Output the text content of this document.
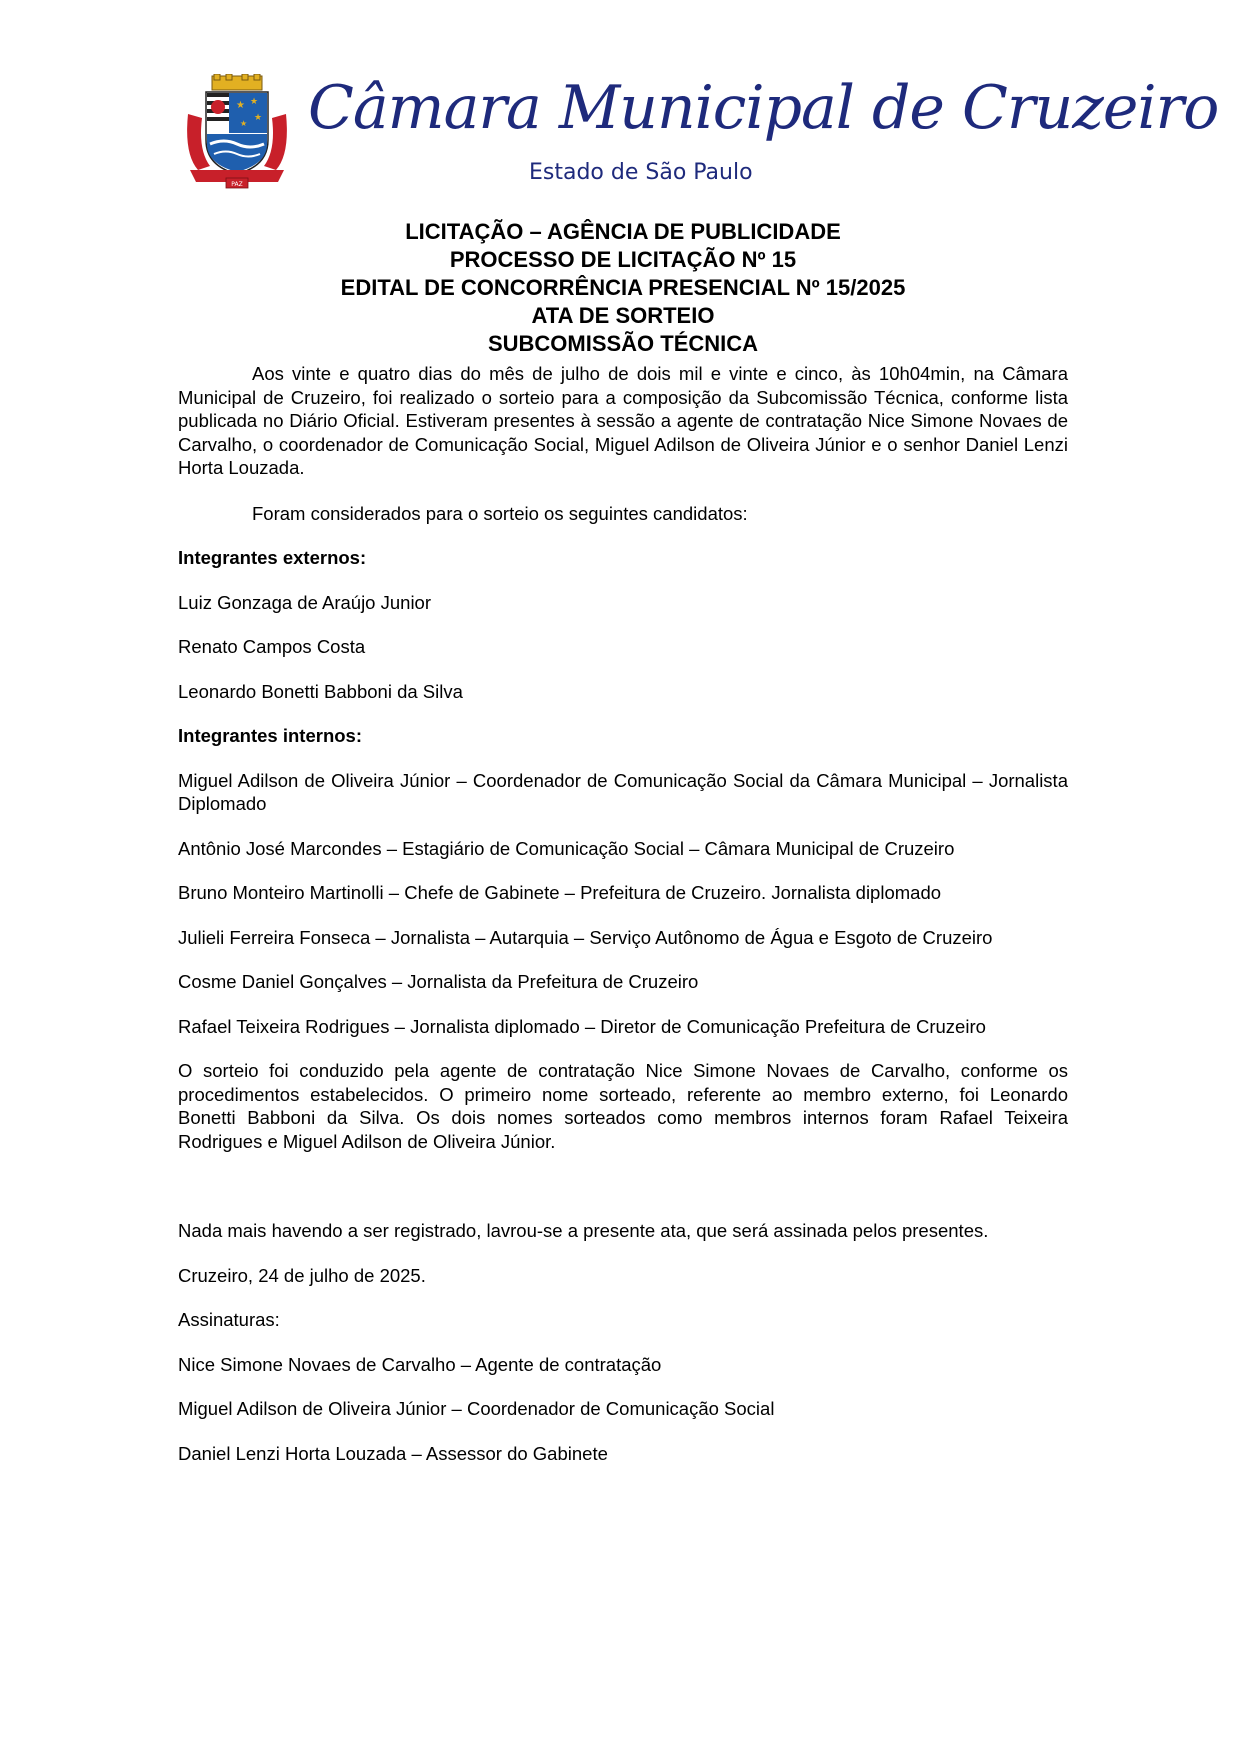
★ ★
★
★
PAZ
Câmara Municipal de Cruzeiro
Estado de São Paulo
LICITAÇÃO – AGÊNCIA DE PUBLICIDADE
PROCESSO DE LICITAÇÃO Nº 15
EDITAL DE CONCORRÊNCIA PRESENCIAL Nº 15/2025
ATA DE SORTEIO
SUBCOMISSÃO TÉCNICA

Aos vinte e quatro dias do mês de julho de dois mil e vinte e cinco, às 10h04min, na Câmara Municipal de Cruzeiro, foi realizado o sorteio para a composição da Subcomissão Técnica, conforme lista publicada no Diário Oficial. Estiveram presentes à sessão a agente de contratação Nice Simone Novaes de Carvalho, o coordenador de Comunicação Social, Miguel Adilson de Oliveira Júnior e o senhor Daniel Lenzi Horta Louzada.

Foram considerados para o sorteio os seguintes candidatos:

Integrantes externos:

Luiz Gonzaga de Araújo Junior

Renato Campos Costa

Leonardo Bonetti Babboni da Silva

Integrantes internos:

Miguel Adilson de Oliveira Júnior – Coordenador de Comunicação Social da Câmara Municipal – Jornalista Diplomado

Antônio José Marcondes – Estagiário de Comunicação Social – Câmara Municipal de Cruzeiro

Bruno Monteiro Martinolli – Chefe de Gabinete – Prefeitura de Cruzeiro. Jornalista diplomado

Julieli Ferreira Fonseca – Jornalista – Autarquia – Serviço Autônomo de Água e Esgoto de Cruzeiro

Cosme Daniel Gonçalves – Jornalista da Prefeitura de Cruzeiro

Rafael Teixeira Rodrigues – Jornalista diplomado – Diretor de Comunicação Prefeitura de Cruzeiro

O sorteio foi conduzido pela agente de contratação Nice Simone Novaes de Carvalho, conforme os procedimentos estabelecidos. O primeiro nome sorteado, referente ao membro externo, foi Leonardo Bonetti Babboni da Silva. Os dois nomes sorteados como membros internos foram Rafael Teixeira Rodrigues e Miguel Adilson de Oliveira Júnior.

Nada mais havendo a ser registrado, lavrou-se a presente ata, que será assinada pelos presentes.

Cruzeiro, 24 de julho de 2025.

Assinaturas:

Nice Simone Novaes de Carvalho – Agente de contratação

Miguel Adilson de Oliveira Júnior – Coordenador de Comunicação Social

Daniel Lenzi Horta Louzada – Assessor do Gabinete
